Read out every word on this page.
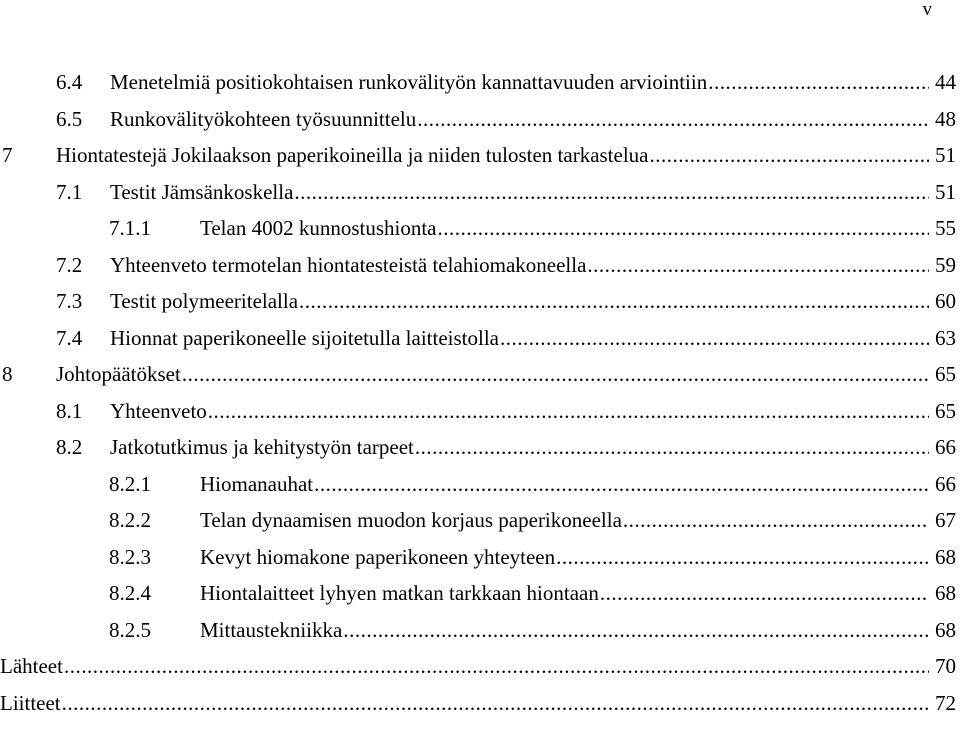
v
6.4	Menetelmiä positiokohtaisen runkovälityön kannattavuuden arviointiin .....	44
6.5	Runkovälityökohteen työsuunnittelu .....	48
7	Hiontatestejä Jokilaakson paperikoineilla ja niiden tulosten tarkastelua .....	51
7.1	Testit Jämsänkoskella .....	51
7.1.1	Telan 4002 kunnostushionta .....	55
7.2	Yhteenveto termotelan hiontatesteistä telahiomakoneella .....	59
7.3	Testit polymeeritelalla .....	60
7.4	Hionnat paperikoneelle sijoitetulla laitteistolla .....	63
8	Johtopäätökset .....	65
8.1	Yhteenveto .....	65
8.2	Jatkotutkimus ja kehitystyön tarpeet .....	66
8.2.1	Hiomanauhat .....	66
8.2.2	Telan dynaamisen muodon korjaus paperikoneella .....	67
8.2.3	Kevyt hiomakone paperikoneen yhteyteen .....	68
8.2.4	Hiontalaitteet lyhyen matkan tarkkaan hiontaan .....	68
8.2.5	Mittaustekniikka .....	68
Lähteet .....	70
Liitteet .....	72
